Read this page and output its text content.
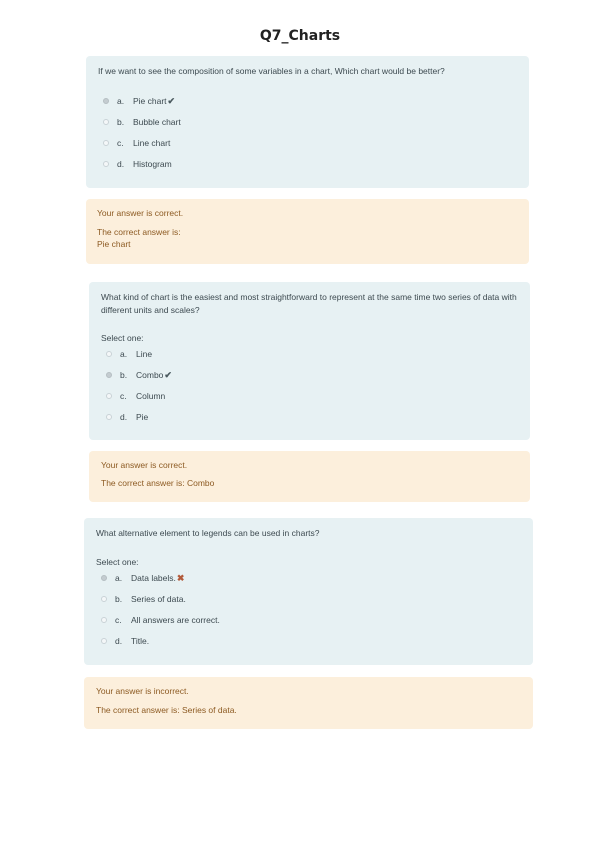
Q7_Charts
If we want to see the composition of some variables in a chart, Which chart would be better?
a.	Pie chart ✔
b.	Bubble chart
c.	Line chart
d.	Histogram
Your answer is correct.
The correct answer is:
Pie chart
What kind of chart is the easiest and most straightforward to represent at the same time two series of data with different units and scales?
Select one:
a.	Line
b.	Combo ✔
c.	Column
d.	Pie
Your answer is correct.
The correct answer is: Combo
What alternative element to legends can be used in charts?
Select one:
a.	Data labels. ✖
b.	Series of data.
c.	All answers are correct.
d.	Title.
Your answer is incorrect.
The correct answer is: Series of data.
